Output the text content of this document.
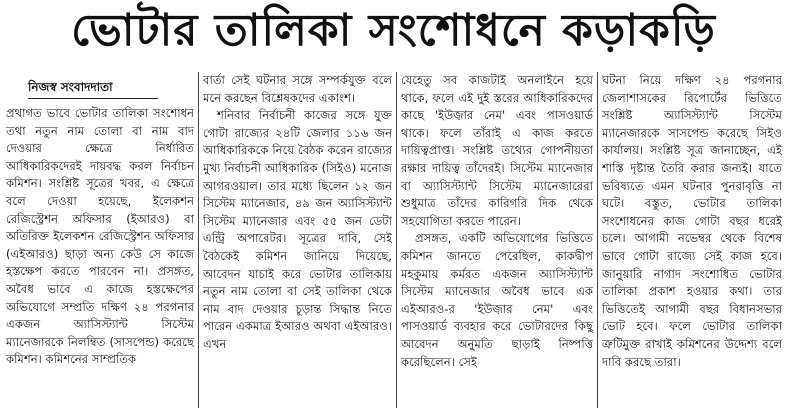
ভোটার তালিকা সংশোধনে কড়াকড়ি
নিজস্ব সংবাদদাতা

প্রথাগত ভাবে ভোটার তালিকা সংশোধন তথা নতুন নাম তোলা বা নাম বাদ দেওয়ার ক্ষেত্রে নির্ধারিত আধিকারিকদেরই দায়বদ্ধ করল নির্বাচন কমিশন। সংশ্লিষ্ট সূত্রের খবর, এ ক্ষেত্রে বলে দেওয়া হয়েছে, ইলেকশন রেজিস্ট্রেশন অফিসার (ইআরও) বা অতিরিক্ত ইলেকশন রেজিস্ট্রেশন অফিসার (এইআরও) ছাড়া অন্য কেউ সে কাজে হস্তক্ষেপ করতে পারবেন না। প্রসঙ্গত, অবৈধ ভাবে এ কাজে হস্তক্ষেপের অভিযোগে সম্প্রতি দক্ষিণ ২৪ পরগনার একজন অ্যাসিস্ট্যান্ট সিস্টেম ম্যানেজারকে নিলম্বিত (সাসপেন্ড) করেছে কমিশন। কমিশনের সাম্প্রতিক

বার্তা সেই ঘটনার সঙ্গে সম্পর্কযুক্ত বলে মনে করছেন বিশ্লেষকদের একাংশ।

শনিবার নির্বাচনী কাজের সঙ্গে যুক্ত গোটা রাজ্যের ২৪টি জেলার ১১৬ জন আধিকারিককে নিয়ে বৈঠক করেন রাজ্যের মুখ্য নির্বাচনী আধিকারিক (সিইও) মনোজ আগরওয়াল। তার মধ্যে ছিলেন ১২ জন সিস্টেম ম্যানেজার, ৪৯ জন অ্যাসিস্ট্যান্ট সিস্টেম ম্যানেজার এবং ৫৫ জন ডেটা এন্ট্রি অপারেটর। সূত্রের দাবি, সেই বৈঠকেই কমিশন জানিয়ে দিয়েছে, আবেদন যাচাই করে ভোটার তালিকায় নতুন নাম তোলা বা সেই তালিকা থেকে নাম বাদ দেওয়ার চূড়ান্ত সিদ্ধান্ত নিতে পারেন একমাত্র ইআরও অথবা এইআরও। এখন

যেহেতু সব কাজটাই অনলাইনে হয়ে থাকে, ফলে এই দুই স্তরের আধিকারিকদের কাছে 'ইউজ়ার নেম' এবং পাসওয়ার্ড থাকে। ফলে তাঁরাই এ কাজ করতে দায়িত্বপ্রাপ্ত। সংশ্লিষ্ট তথ্যের গোপনীয়তা রক্ষার দায়িত্ব তাঁদেরই। সিস্টেম ম্যানেজার বা অ্যাসিস্ট্যান্ট সিস্টেম ম্যানেজারেরা শুধুমাত্র তাঁদের কারিগরি দিক থেকে সহযোগিতা করতে পারেন।

প্রসঙ্গত, একটি অভিযোগের ভিত্তিতে কমিশন জানতে পেরেছিল, কাকদ্বীপ মহকুমায় কর্মরত একজন অ্যাসিস্ট্যান্ট সিস্টেম ম্যানেজার অবৈধ ভাবে এক এইআরও-র 'ইউজ়ার নেম' এবং পাসওয়ার্ড ব্যবহার করে ভোটারদের কিছু আবেদন অনুমতি ছাড়াই নিষ্পত্তি করেছিলেন। সেই

ঘটনা নিয়ে দক্ষিণ ২৪ পরগনার জেলাশাসকের রিপোর্টের ভিত্তিতে সংশ্লিষ্ট অ্যাসিস্ট্যান্ট সিস্টেম ম্যানেজারকে সাসপেন্ড করেছে সিইও কার্যালয়। সংশ্লিষ্ট সূত্র জানাচ্ছেন, এই শাস্তি দৃষ্টান্ত তৈরি করার জন্যই। যাতে ভবিষ্যতে এমন ঘটনার পুনরাবৃত্তি না ঘটে। বস্তুত, ভোটার তালিকা সংশোধনের কাজ গোটা বছর ধরেই চলে। আগামী নভেম্বর থেকে বিশেষ ভাবে গোটা রাজ্যে সেই কাজ হবে। জানুয়ারি নাগাদ সংশোধিত ভোটার তালিকা প্রকাশ হওয়ার কথা। তার ভিত্তিতেই আগামী বছর বিধানসভার ভোট হবে। ফলে ভোটার তালিকা ত্রুটিমুক্ত রাখাই কমিশনের উদ্দেশ্য বলে দাবি করছে তারা।
